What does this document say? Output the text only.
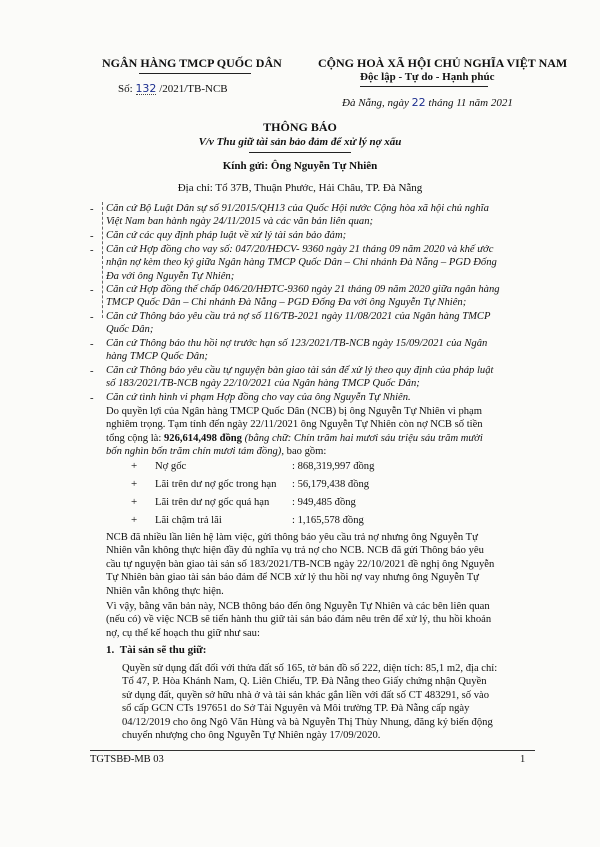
NGÂN HÀNG TMCP QUỐC DÂN
Số: 132 /2021/TB-NCB
CỘNG HOÀ XÃ HỘI CHỦ NGHĨA VIỆT NAM
Độc lập - Tự do - Hạnh phúc
Đà Nẵng, ngày 22 tháng 11 năm 2021
THÔNG BÁO
V/v Thu giữ tài sản bảo đảm để xử lý nợ xấu
Kính gửi: Ông Nguyễn Tự Nhiên
Địa chỉ: Tổ 37B, Thuận Phước, Hải Châu, TP. Đà Nẵng
- Căn cứ Bộ Luật Dân sự số 91/2015/QH13 của Quốc Hội nước Cộng hòa xã hội chủ nghĩa
Việt Nam ban hành ngày 24/11/2015 và các văn bản liên quan;
- Căn cứ các quy định pháp luật về xử lý tài sản bảo đảm;
- Căn cứ Hợp đồng cho vay số: 047/20/HĐCV- 9360 ngày 21 tháng 09 năm 2020 và khế ước
nhận nợ kèm theo ký giữa Ngân hàng TMCP Quốc Dân – Chi nhánh Đà Nẵng – PGD Đống
Đa với ông Nguyễn Tự Nhiên;
- Căn cứ Hợp đồng thế chấp 046/20/HĐTC-9360 ngày 21 tháng 09 năm 2020 giữa ngân hàng
TMCP Quốc Dân – Chi nhánh Đà Nẵng – PGD Đống Đa với ông Nguyễn Tự Nhiên;
- Căn cứ Thông báo yêu cầu trả nợ số 116/TB-2021 ngày 11/08/2021 của Ngân hàng TMCP
Quốc Dân;
- Căn cứ Thông báo thu hồi nợ trước hạn số 123/2021/TB-NCB ngày 15/09/2021 của Ngân
hàng TMCP Quốc Dân;
- Căn cứ Thông báo yêu cầu tự nguyện bàn giao tài sản để xử lý theo quy định của pháp luật
số 183/2021/TB-NCB ngày 22/10/2021 của Ngân hàng TMCP Quốc Dân;
- Căn cứ tình hình vi phạm Hợp đồng cho vay của ông Nguyễn Tự Nhiên.
Do quyền lợi của Ngân hàng TMCP Quốc Dân (NCB) bị ông Nguyễn Tự Nhiên vi phạm
nghiêm trọng. Tạm tính đến ngày 22/11/2021 ông Nguyễn Tự Nhiên còn nợ NCB số tiền
tổng cộng là: 926,614,498 đồng (bằng chữ: Chín trăm hai mươi sáu triệu sáu trăm mười
bốn nghìn bốn trăm chín mươi tám đồng), bao gồm:
+ Nợ gốc	: 868,319,997 đồng
+ Lãi trên dư nợ gốc trong hạn : 56,179,438 đồng
+ Lãi trên dư nợ gốc quá hạn : 949,485 đồng
+ Lãi chậm trả lãi	: 1,165,578 đồng
NCB đã nhiều lần liên hệ làm việc, gửi thông báo yêu cầu trả nợ nhưng ông Nguyễn Tự
Nhiên vẫn không thực hiện đầy đủ nghĩa vụ trả nợ cho NCB. NCB đã gửi Thông báo yêu
cầu tự nguyện bàn giao tài sản số 183/2021/TB-NCB ngày 22/10/2021 đề nghị ông Nguyễn
Tự Nhiên bàn giao tài sản bảo đảm để NCB xử lý thu hồi nợ vay nhưng ông Nguyễn Tự
Nhiên vẫn không thực hiện.
Vì vậy, bằng văn bản này, NCB thông báo đến ông Nguyễn Tự Nhiên và các bên liên quan
(nếu có) về việc NCB sẽ tiến hành thu giữ tài sản bảo đảm nêu trên để xử lý, thu hồi khoản
nợ, cụ thể kế hoạch thu giữ như sau:
1. Tài sản sẽ thu giữ:
Quyền sử dụng đất đối với thửa đất số 165, tờ bản đồ số 222, diện tích: 85,1 m2, địa chỉ:
Tổ 47, P. Hòa Khánh Nam, Q. Liên Chiểu, TP. Đà Nẵng theo Giấy chứng nhận Quyền
sử dụng đất, quyền sở hữu nhà ở và tài sản khác gắn liền với đất số CT 483291, số vào
sổ cấp GCN CTs 197651 do Sở Tài Nguyên và Môi trường TP. Đà Nẵng cấp ngày
04/12/2019 cho ông Ngô Văn Hùng và bà Nguyễn Thị Thùy Nhung, đăng ký biến động
chuyển nhượng cho ông Nguyễn Tự Nhiên ngày 17/09/2020.
TGTSBĐ-MB 03	1
